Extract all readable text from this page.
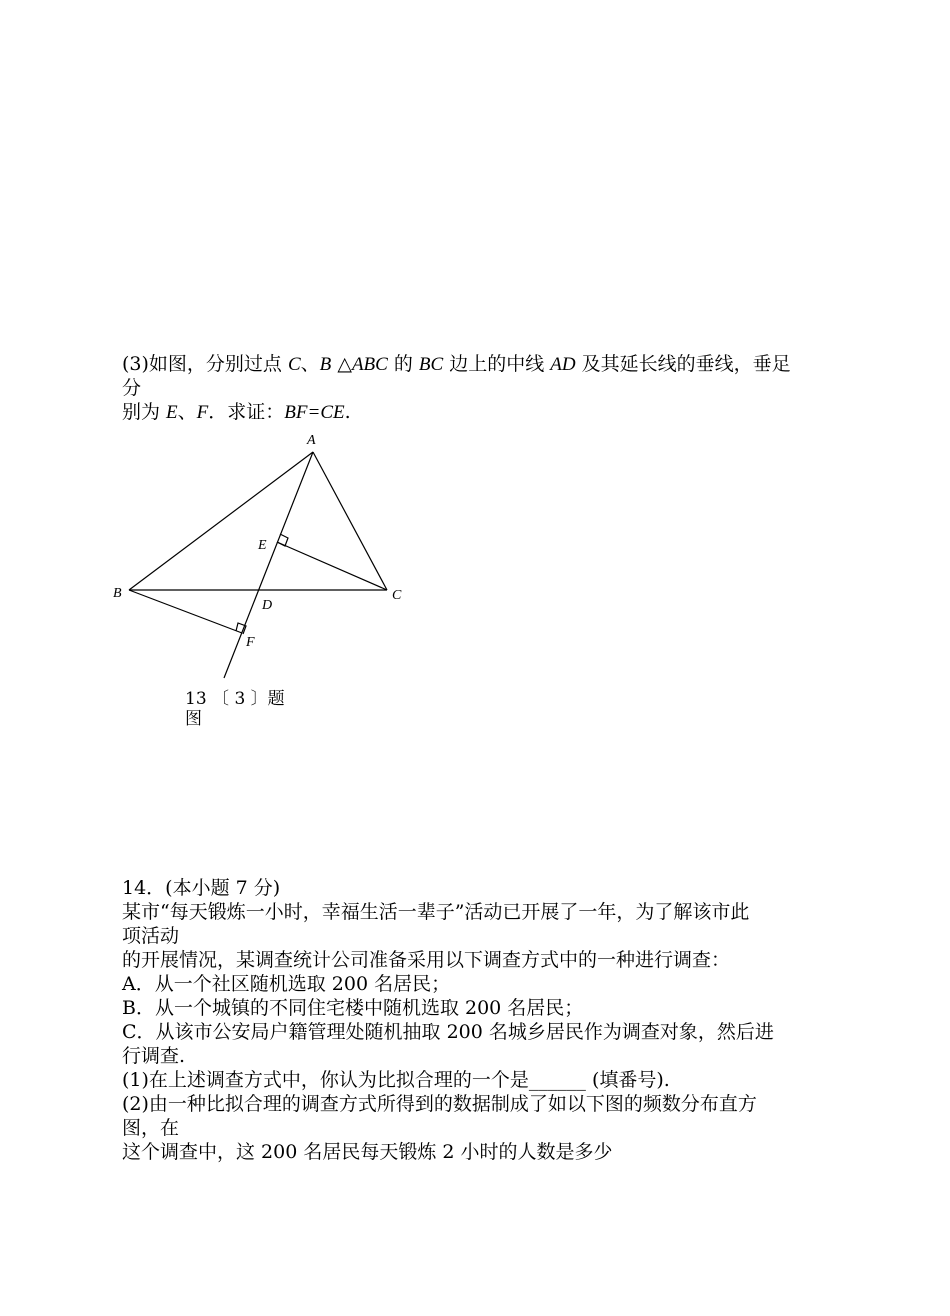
(3)如图，分别过点 C、B △ABC 的 BC 边上的中线 AD 及其延长线的垂线，垂足
分
别为 E、F．求证：BF=CE.
A
B	C
D
E
F
13 〔 3 〕题
图
14．(本小题 7 分)
某市“每天锻炼一小时，幸福生活一辈子”活动已开展了一年，为了解该市此
项活动
的开展情况，某调查统计公司准备采用以下调查方式中的一种进行调查：
A．从一个社区随机选取 200 名居民；
B．从一个城镇的不同住宅楼中随机选取 200 名居民；
C．从该市公安局户籍管理处随机抽取 200 名城乡居民作为调查对象，然后进
行调查.
(1)在上述调查方式中，你认为比拟合理的一个是______ (填番号).
(2)由一种比拟合理的调查方式所得到的数据制成了如以下图的频数分布直方
图，在
这个调查中，这 200 名居民每天锻炼 2 小时的人数是多少
